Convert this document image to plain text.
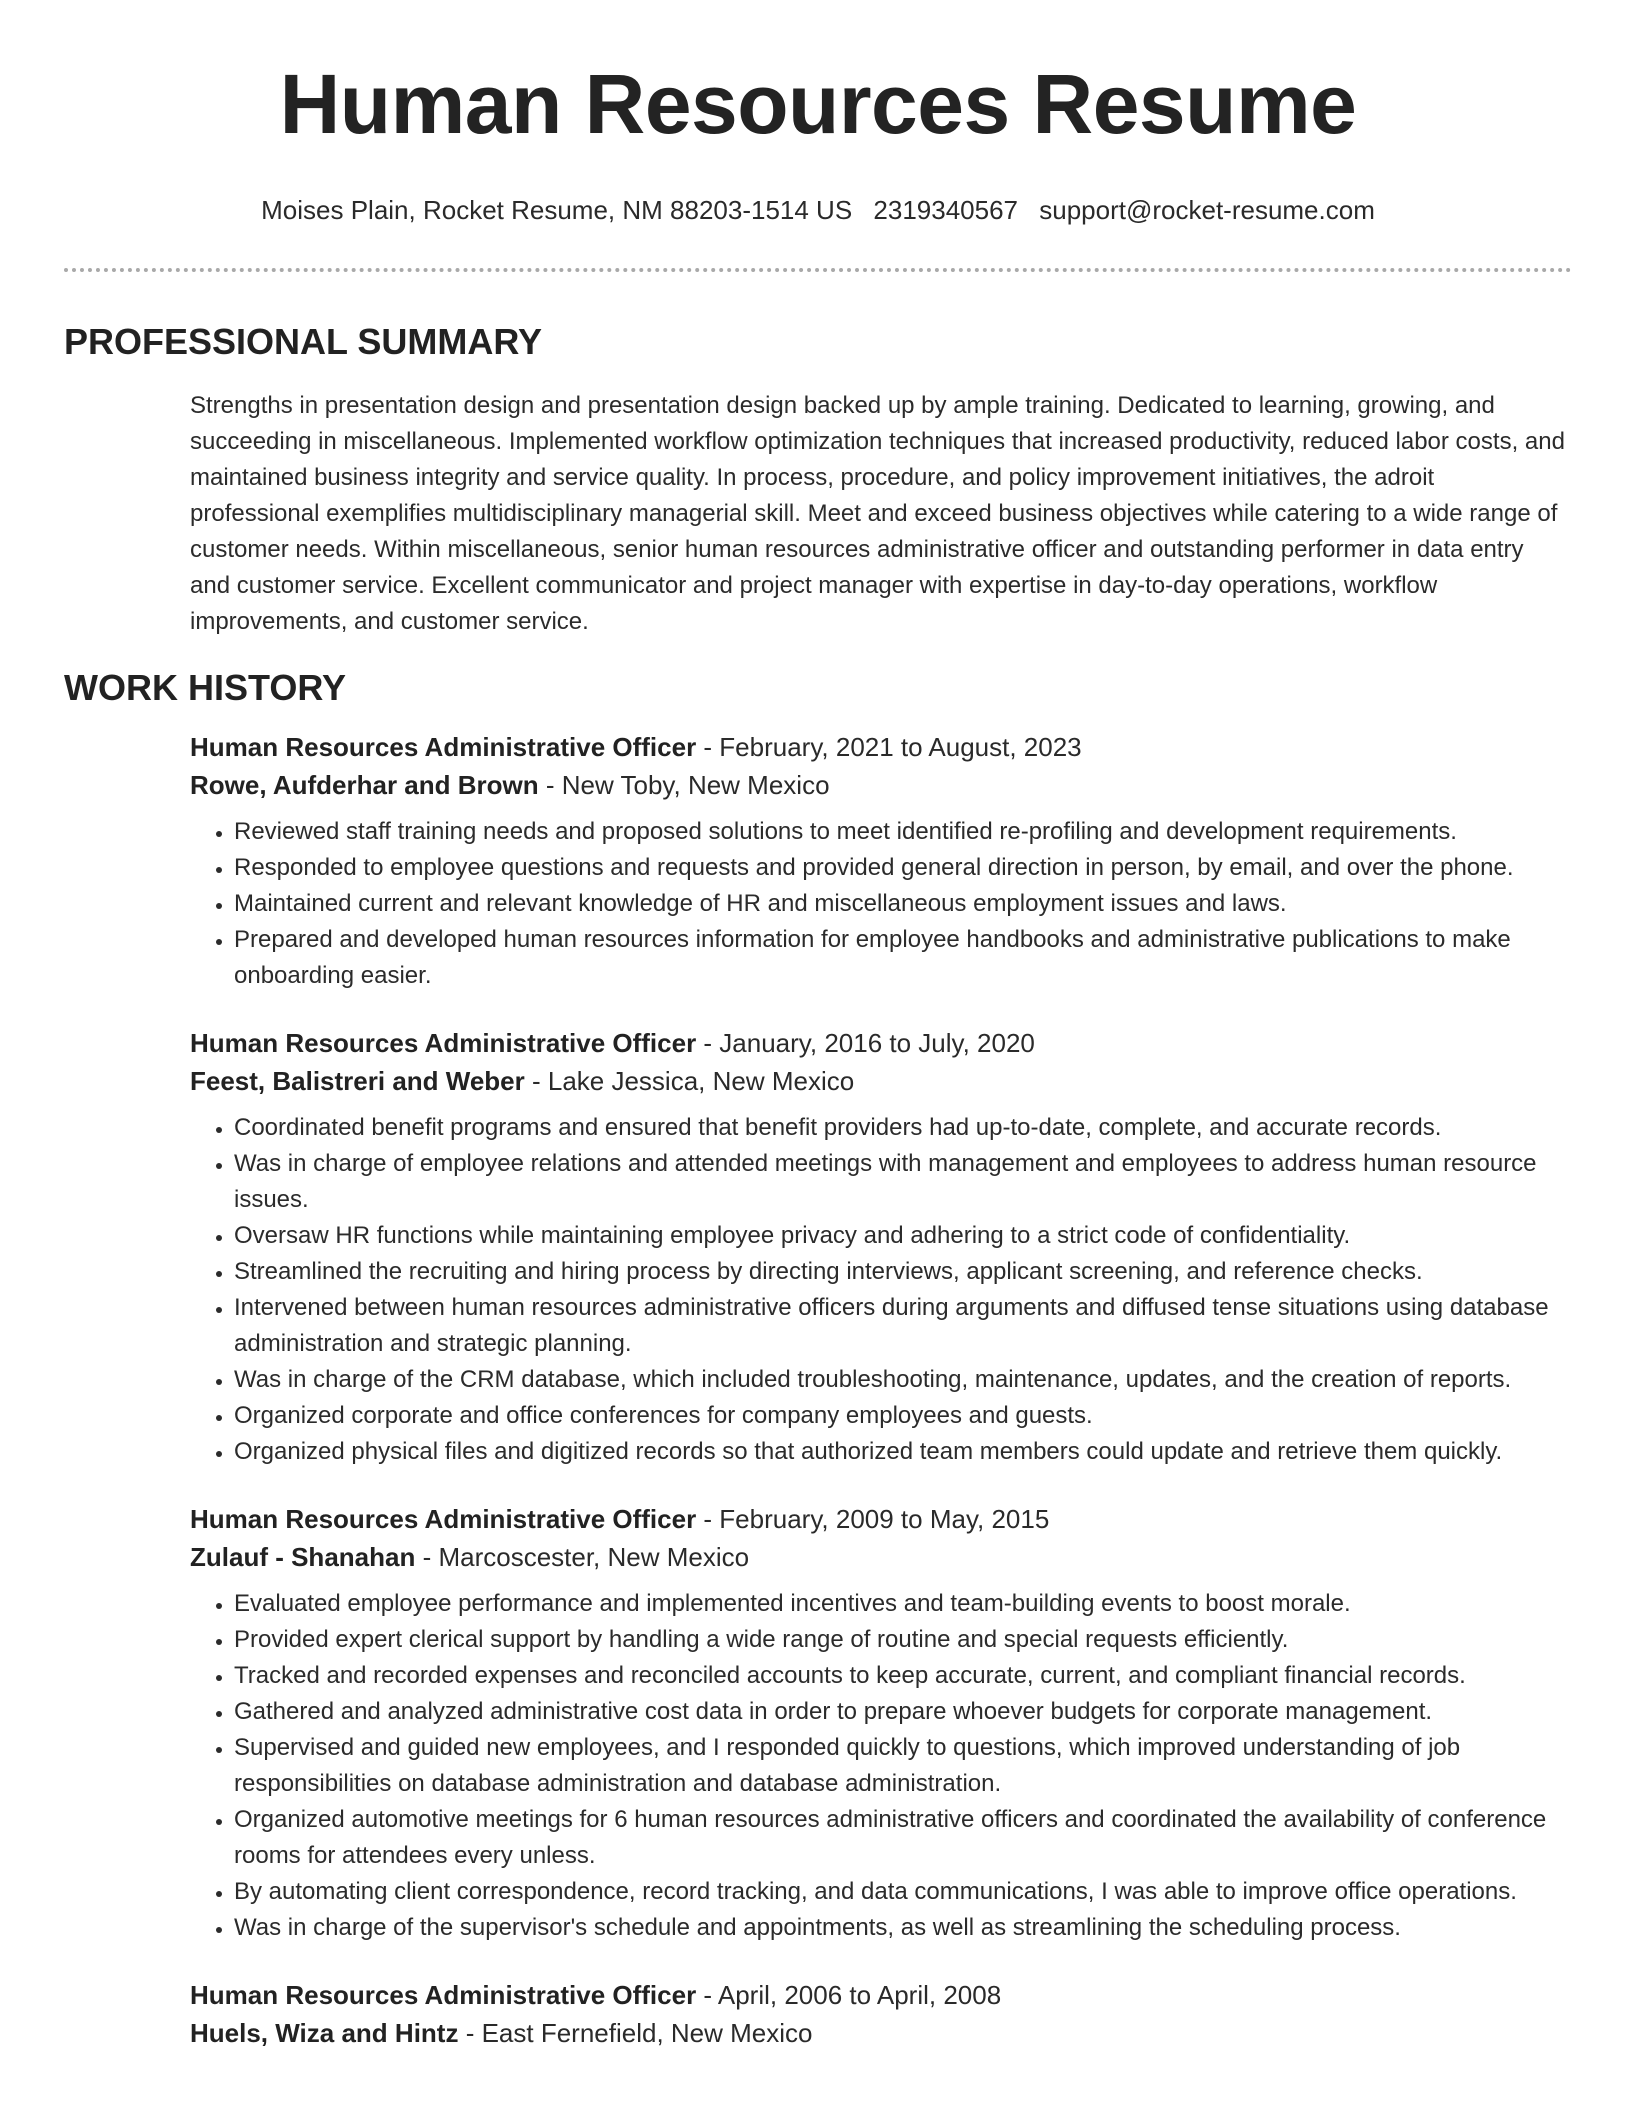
Human Resources Resume
Moises Plain, Rocket Resume, NM 88203-1514 US 2319340567 support@rocket-resume.com
PROFESSIONAL SUMMARY

Strengths in presentation design and presentation design backed up by ample training. Dedicated to learning, growing, and succeeding in miscellaneous. Implemented workflow optimization techniques that increased productivity, reduced labor costs, and maintained business integrity and service quality. In process, procedure, and policy improvement initiatives, the adroit professional exemplifies multidisciplinary managerial skill. Meet and exceed business objectives while catering to a wide range of customer needs. Within miscellaneous, senior human resources administrative officer and outstanding performer in data entry and customer service. Excellent communicator and project manager with expertise in day-to-day operations, workflow improvements, and customer service.

WORK HISTORY
Human Resources Administrative Officer - February, 2021 to August, 2023
Rowe, Aufderhar and Brown - New Toby, New Mexico
• Reviewed staff training needs and proposed solutions to meet identified re-profiling and development requirements.
• Responded to employee questions and requests and provided general direction in person, by email, and over the phone.
• Maintained current and relevant knowledge of HR and miscellaneous employment issues and laws.
• Prepared and developed human resources information for employee handbooks and administrative publications to make onboarding easier.
Human Resources Administrative Officer - January, 2016 to July, 2020
Feest, Balistreri and Weber - Lake Jessica, New Mexico
• Coordinated benefit programs and ensured that benefit providers had up-to-date, complete, and accurate records.
• Was in charge of employee relations and attended meetings with management and employees to address human resource issues.
• Oversaw HR functions while maintaining employee privacy and adhering to a strict code of confidentiality.
• Streamlined the recruiting and hiring process by directing interviews, applicant screening, and reference checks.
• Intervened between human resources administrative officers during arguments and diffused tense situations using database administration and strategic planning.
• Was in charge of the CRM database, which included troubleshooting, maintenance, updates, and the creation of reports.
• Organized corporate and office conferences for company employees and guests.
• Organized physical files and digitized records so that authorized team members could update and retrieve them quickly.
Human Resources Administrative Officer - February, 2009 to May, 2015
Zulauf - Shanahan - Marcoscester, New Mexico
• Evaluated employee performance and implemented incentives and team-building events to boost morale.
• Provided expert clerical support by handling a wide range of routine and special requests efficiently.
• Tracked and recorded expenses and reconciled accounts to keep accurate, current, and compliant financial records.
• Gathered and analyzed administrative cost data in order to prepare whoever budgets for corporate management.
• Supervised and guided new employees, and I responded quickly to questions, which improved understanding of job responsibilities on database administration and database administration.
• Organized automotive meetings for 6 human resources administrative officers and coordinated the availability of conference rooms for attendees every unless.
• By automating client correspondence, record tracking, and data communications, I was able to improve office operations.
• Was in charge of the supervisor's schedule and appointments, as well as streamlining the scheduling process.
Human Resources Administrative Officer - April, 2006 to April, 2008
Huels, Wiza and Hintz - East Fernefield, New Mexico
